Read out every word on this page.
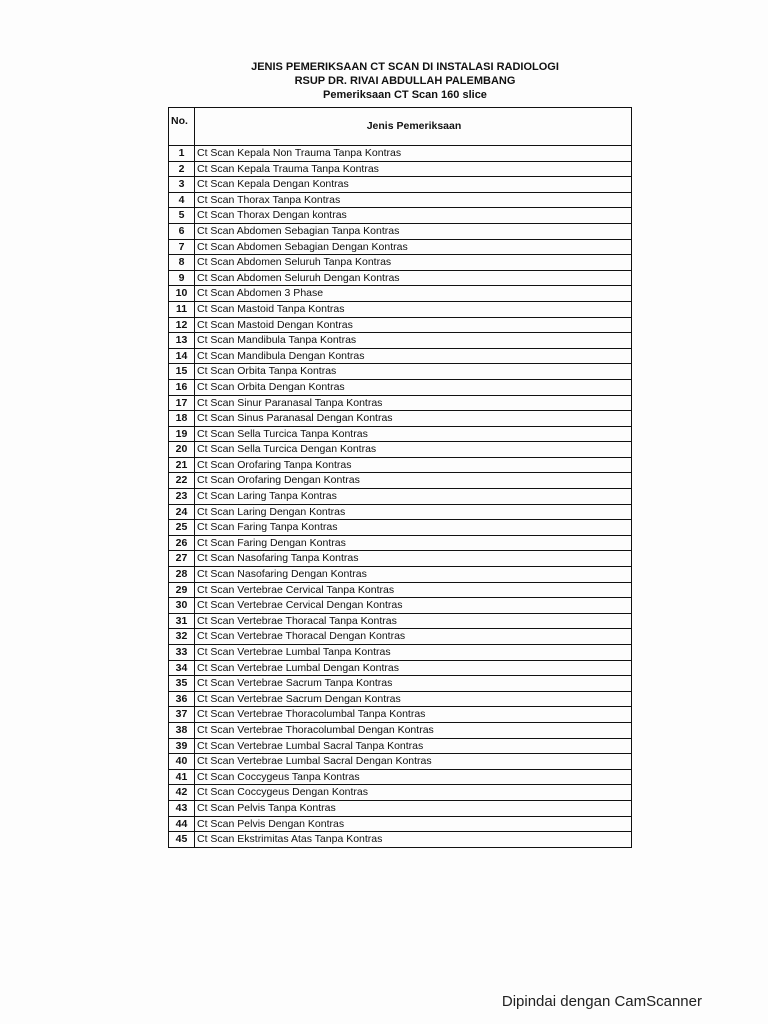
JENIS PEMERIKSAAN CT SCAN DI INSTALASI RADIOLOGI
RSUP DR. RIVAI ABDULLAH PALEMBANG
Pemeriksaan CT Scan 160 slice
No.	Jenis Pemeriksaan
1	Ct Scan Kepala Non Trauma Tanpa Kontras
2	Ct Scan Kepala Trauma Tanpa Kontras
3	Ct Scan Kepala Dengan Kontras
4	Ct Scan Thorax Tanpa Kontras
5	Ct Scan Thorax Dengan kontras
6	Ct Scan Abdomen Sebagian Tanpa Kontras
7	Ct Scan Abdomen Sebagian Dengan Kontras
8	Ct Scan Abdomen Seluruh Tanpa Kontras
9	Ct Scan Abdomen Seluruh Dengan Kontras
10	Ct Scan Abdomen 3 Phase
11	Ct Scan Mastoid Tanpa Kontras
12	Ct Scan Mastoid Dengan Kontras
13	Ct Scan Mandibula Tanpa Kontras
14	Ct Scan Mandibula Dengan Kontras
15	Ct Scan Orbita Tanpa Kontras
16	Ct Scan Orbita Dengan Kontras
17	Ct Scan Sinur Paranasal Tanpa Kontras
18	Ct Scan Sinus Paranasal Dengan Kontras
19	Ct Scan Sella Turcica Tanpa Kontras
20	Ct Scan Sella Turcica Dengan Kontras
21	Ct Scan Orofaring Tanpa Kontras
22	Ct Scan Orofaring Dengan Kontras
23	Ct Scan Laring Tanpa Kontras
24	Ct Scan Laring Dengan Kontras
25	Ct Scan Faring Tanpa Kontras
26	Ct Scan Faring Dengan Kontras
27	Ct Scan Nasofaring Tanpa Kontras
28	Ct Scan Nasofaring Dengan Kontras
29	Ct Scan Vertebrae Cervical Tanpa Kontras
30	Ct Scan Vertebrae Cervical Dengan Kontras
31	Ct Scan Vertebrae Thoracal Tanpa Kontras
32	Ct Scan Vertebrae Thoracal Dengan Kontras
33	Ct Scan Vertebrae Lumbal Tanpa Kontras
34	Ct Scan Vertebrae Lumbal Dengan Kontras
35	Ct Scan Vertebrae Sacrum Tanpa Kontras
36	Ct Scan Vertebrae Sacrum Dengan Kontras
37	Ct Scan Vertebrae Thoracolumbal Tanpa Kontras
38	Ct Scan Vertebrae Thoracolumbal Dengan Kontras
39	Ct Scan Vertebrae Lumbal Sacral Tanpa Kontras
40	Ct Scan Vertebrae Lumbal Sacral Dengan Kontras
41	Ct Scan Coccygeus Tanpa Kontras
42	Ct Scan Coccygeus Dengan Kontras
43	Ct Scan Pelvis Tanpa Kontras
44	Ct Scan Pelvis Dengan Kontras
45	Ct Scan Ekstrimitas Atas Tanpa Kontras
Dipindai dengan CamScanner
